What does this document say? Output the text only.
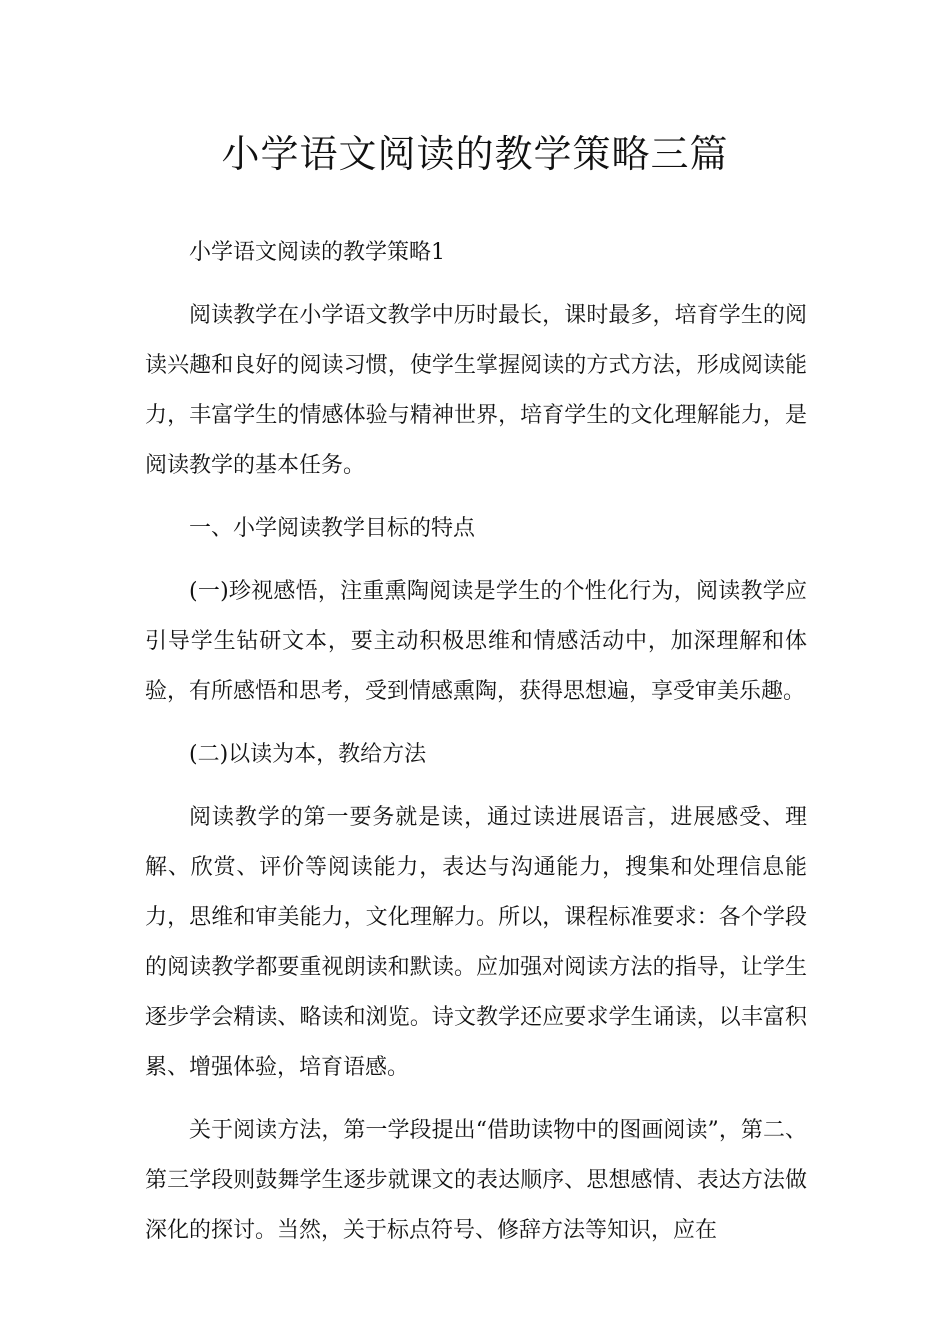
小学语文阅读的教学策略三篇

小学语文阅读的教学策略1

阅读教学在小学语文教学中历时最长，课时最多，培育学生的阅读兴趣和良好的阅读习惯，使学生掌握阅读的方式方法，形成阅读能力，丰富学生的情感体验与精神世界，培育学生的文化理解能力，是阅读教学的基本任务。

一、小学阅读教学目标的特点

(一)珍视感悟，注重熏陶阅读是学生的个性化行为，阅读教学应引导学生钻研文本，要主动积极思维和情感活动中，加深理解和体验，有所感悟和思考，受到情感熏陶，获得思想遍，享受审美乐趣。

(二)以读为本，教给方法

阅读教学的第一要务就是读，通过读进展语言，进展感受、理解、欣赏、评价等阅读能力，表达与沟通能力，搜集和处理信息能力，思维和审美能力，文化理解力。所以，课程标准要求：各个学段的阅读教学都要重视朗读和默读。应加强对阅读方法的指导，让学生逐步学会精读、略读和浏览。诗文教学还应要求学生诵读，以丰富积累、增强体验，培育语感。

关于阅读方法，第一学段提出“借助读物中的图画阅读”，第二、第三学段则鼓舞学生逐步就课文的表达顺序、思想感情、表达方法做深化的探讨。当然，关于标点符号、修辞方法等知识，应在
